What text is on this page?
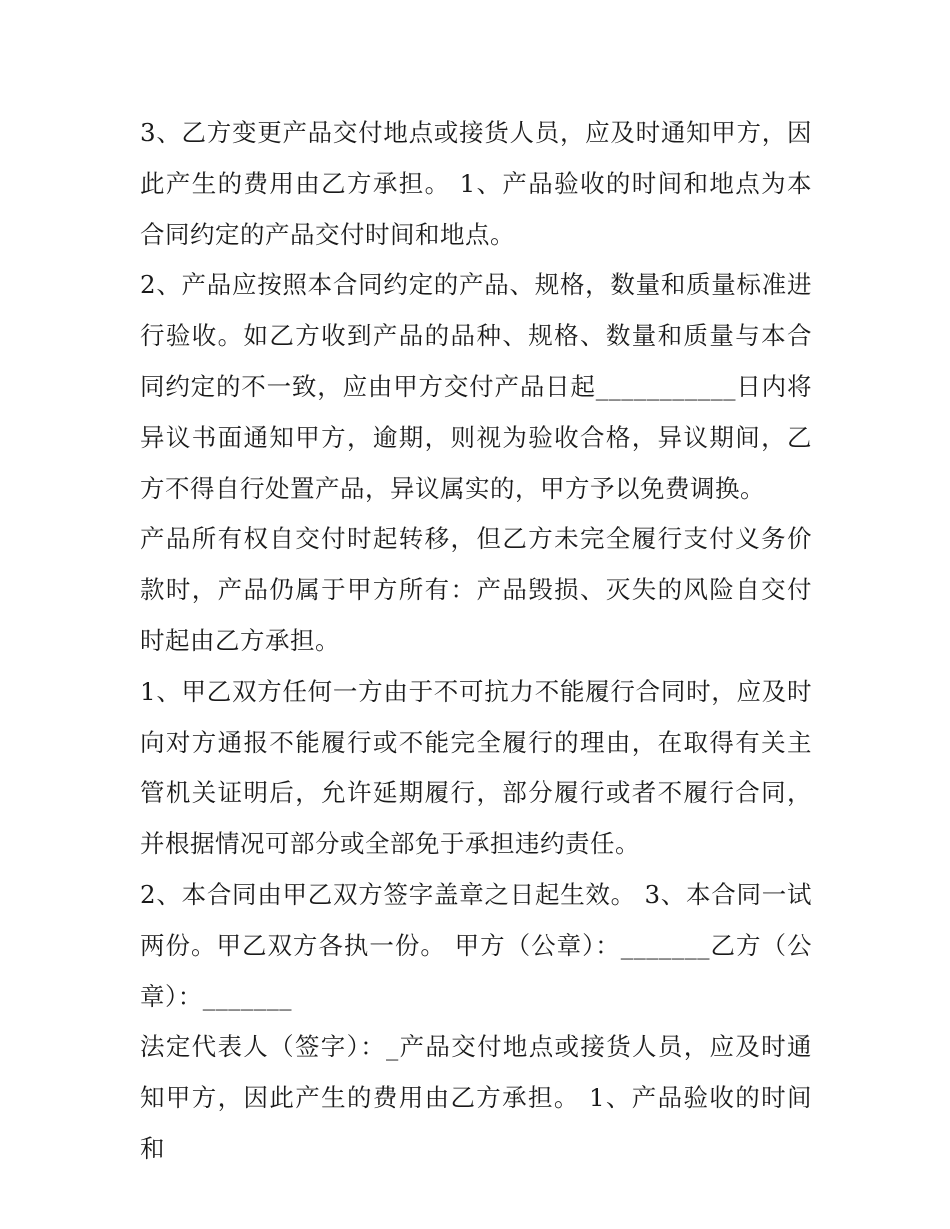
3、乙方变更产品交付地点或接货人员，应及时通知甲方，因此产生的费用由乙方承担。 1、产品验收的时间和地点为本合同约定的产品交付时间和地点。

2、产品应按照本合同约定的产品、规格，数量和质量标准进行验收。如乙方收到产品的品种、规格、数量和质量与本合同约定的不一致，应由甲方交付产品日起___________日内将异议书面通知甲方，逾期，则视为验收合格，异议期间，乙方不得自行处置产品，异议属实的，甲方予以免费调换。

产品所有权自交付时起转移，但乙方未完全履行支付义务价款时，产品仍属于甲方所有：产品毁损、灭失的风险自交付时起由乙方承担。

1、甲乙双方任何一方由于不可抗力不能履行合同时，应及时向对方通报不能履行或不能完全履行的理由，在取得有关主管机关证明后，允许延期履行，部分履行或者不履行合同，并根据情况可部分或全部免于承担违约责任。

2、本合同由甲乙双方签字盖章之日起生效。 3、本合同一试两份。甲乙双方各执一份。 甲方（公章）：_______乙方（公章）：_______

法定代表人（签字）：_产品交付地点或接货人员，应及时通知甲方，因此产生的费用由乙方承担。 1、产品验收的时间和
